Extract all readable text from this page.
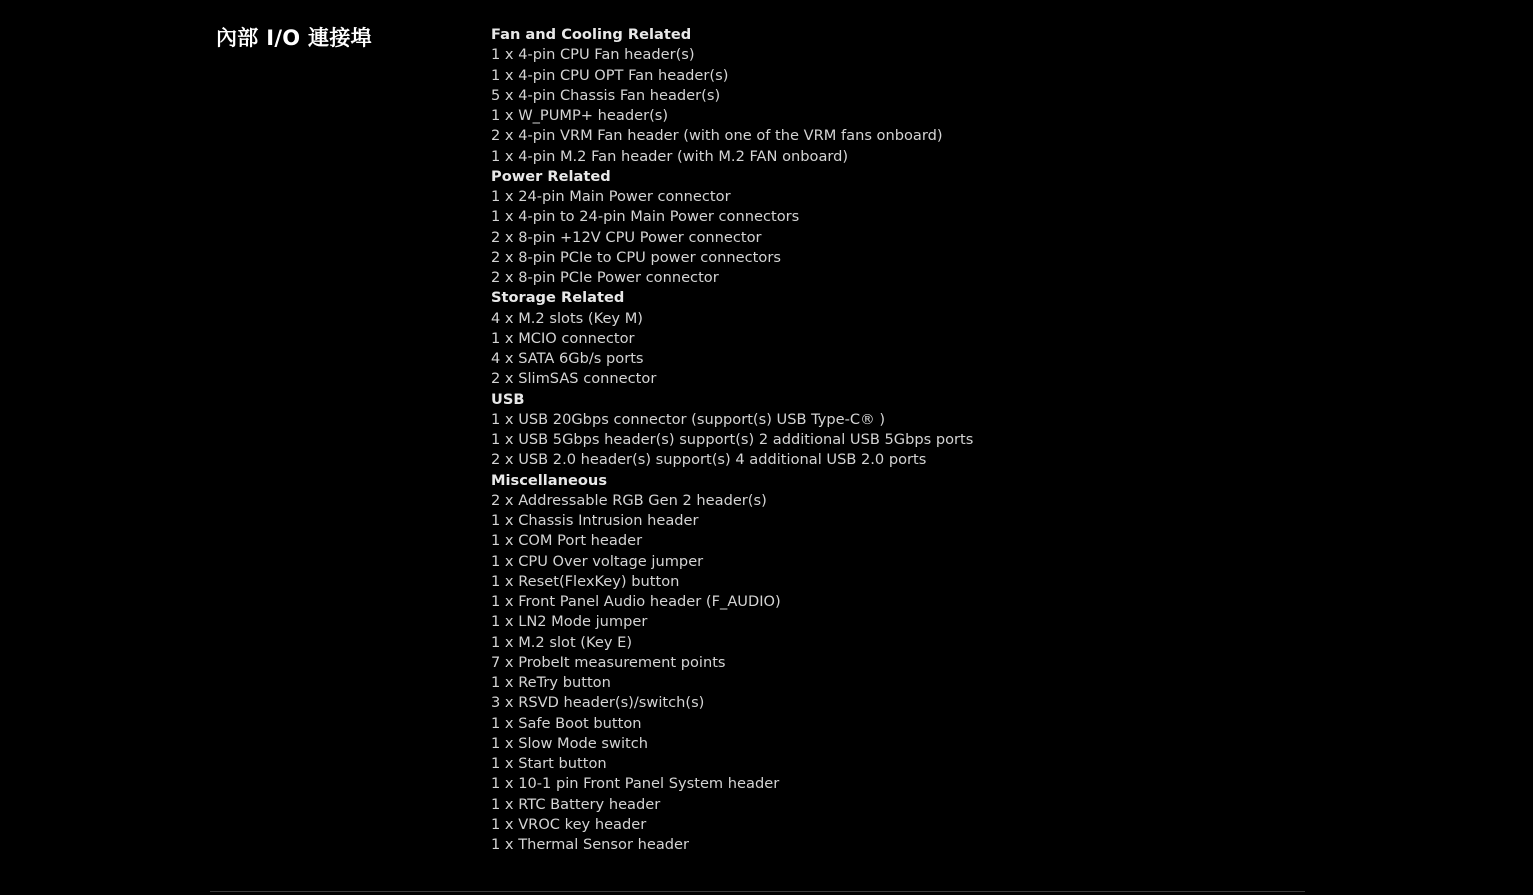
內部 I/O 連接埠	Fan and Cooling Related
1 x 4-pin CPU Fan header(s)
1 x 4-pin CPU OPT Fan header(s)
5 x 4-pin Chassis Fan header(s)
1 x W_PUMP+ header(s)
2 x 4-pin VRM Fan header (with one of the VRM fans onboard)
1 x 4-pin M.2 Fan header (with M.2 FAN onboard)
Power Related
1 x 24-pin Main Power connector
1 x 4-pin to 24-pin Main Power connectors
2 x 8-pin +12V CPU Power connector
2 x 8-pin PCIe to CPU power connectors
2 x 8-pin PCIe Power connector
Storage Related
4 x M.2 slots (Key M)
1 x MCIO connector
4 x SATA 6Gb/s ports
2 x SlimSAS connector
USB
1 x USB 20Gbps connector (support(s) USB Type-C® )
1 x USB 5Gbps header(s) support(s) 2 additional USB 5Gbps ports
2 x USB 2.0 header(s) support(s) 4 additional USB 2.0 ports
Miscellaneous
2 x Addressable RGB Gen 2 header(s)
1 x Chassis Intrusion header
1 x COM Port header
1 x CPU Over voltage jumper
1 x Reset(FlexKey) button
1 x Front Panel Audio header (F_AUDIO)
1 x LN2 Mode jumper
1 x M.2 slot (Key E)
7 x ProbeIt measurement points
1 x ReTry button
3 x RSVD header(s)/switch(s)
1 x Safe Boot button
1 x Slow Mode switch
1 x Start button
1 x 10-1 pin Front Panel System header
1 x RTC Battery header
1 x VROC key header
1 x Thermal Sensor header
